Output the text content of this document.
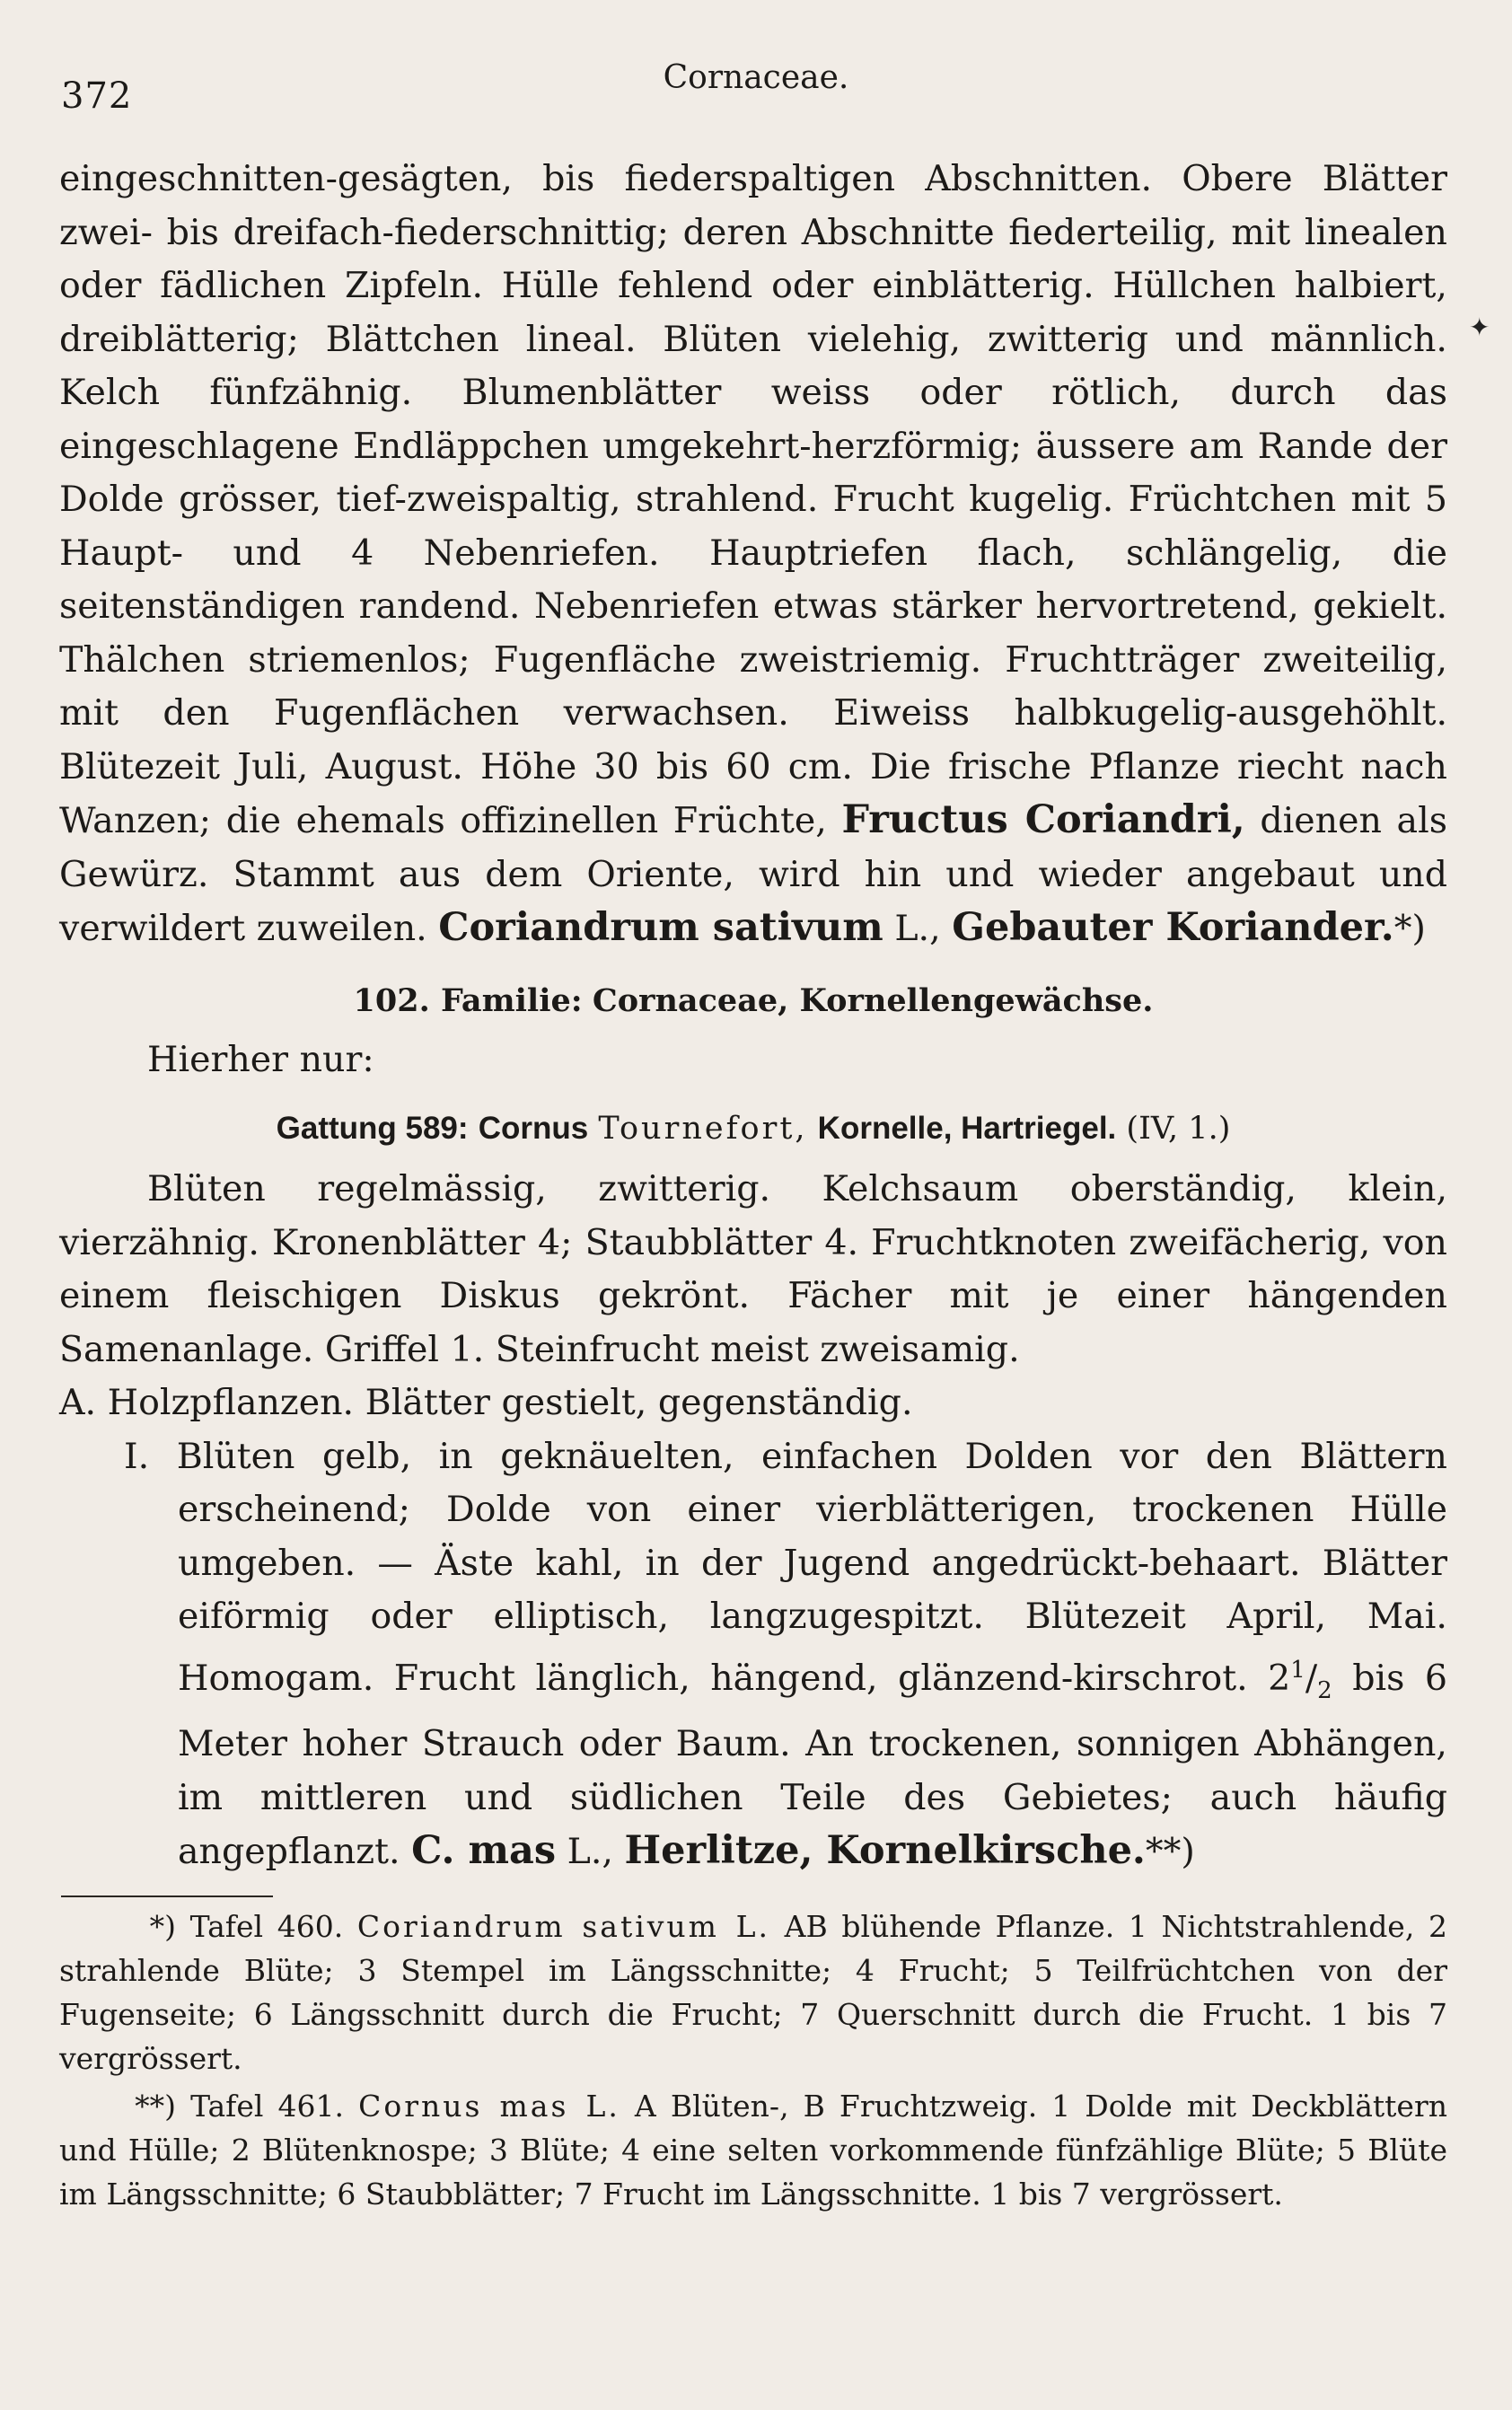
372	Cornaceae.

eingeschnitten-gesägten, bis fiederspaltigen Abschnitten. Obere Blätter zwei- bis dreifach-fiederschnittig; deren Abschnitte fiederteilig, mit linealen oder fädlichen Zipfeln. Hülle fehlend oder einblätterig. Hüllchen halbiert, dreiblätterig; Blättchen lineal. Blüten vielehig, zwitterig und männlich. Kelch fünfzähnig. Blumenblätter weiss oder rötlich, durch das eingeschlagene Endläppchen umgekehrt-herzförmig; äussere am Rande der Dolde grösser, tief-zweispaltig, strahlend. Frucht kugelig. Früchtchen mit 5 Haupt- und 4 Nebenriefen. Hauptriefen flach, schlängelig, die seitenständigen randend. Nebenriefen etwas stärker hervortretend, gekielt. Thälchen striemenlos; Fugenfläche zweistriemig. Fruchtträger zweiteilig, mit den Fugenflächen verwachsen. Eiweiss halbkugelig-ausgehöhlt. Blütezeit Juli, August. Höhe 30 bis 60 cm. Die frische Pflanze riecht nach Wanzen; die ehemals offizinellen Früchte, Fructus Coriandri, dienen als Gewürz. Stammt aus dem Oriente, wird hin und wieder angebaut und verwildert zuweilen. Coriandrum sativum L., Gebauter Koriander.*)

102. Familie: Cornaceae, Kornellengewächse.

Hierher nur:

Gattung 589: Cornus Tournefort, Kornelle, Hartriegel. (IV, 1.)

Blüten regelmässig, zwitterig. Kelchsaum oberständig, klein, vierzähnig. Kronenblätter 4; Staubblätter 4. Fruchtknoten zweifächerig, von einem fleischigen Diskus gekrönt. Fächer mit je einer hängenden Samenanlage. Griffel 1. Steinfrucht meist zweisamig.

A. Holzpflanzen. Blätter gestielt, gegenständig.

I. Blüten gelb, in geknäuelten, einfachen Dolden vor den Blättern erscheinend; Dolde von einer vierblätterigen, trockenen Hülle umgeben. — Äste kahl, in der Jugend angedrückt-behaart. Blätter eiförmig oder elliptisch, langzugespitzt. Blütezeit April, Mai. Homogam. Frucht länglich, hängend, glänzend-kirschrot. $2^1/_2$ bis 6 Meter hoher Strauch oder Baum. An trockenen, sonnigen Abhängen, im mittleren und südlichen Teile des Gebietes; auch häufig angepflanzt. C. mas L., Herlitze, Kornelkirsche.**)

*) Tafel 460. Coriandrum sativum L. AB blühende Pflanze. 1 Nichtstrahlende, 2 strahlende Blüte; 3 Stempel im Längsschnitte; 4 Frucht; 5 Teilfrüchtchen von der Fugenseite; 6 Längsschnitt durch die Frucht; 7 Querschnitt durch die Frucht. 1 bis 7 vergrössert.

**) Tafel 461. Cornus mas L. A Blüten-, B Fruchtzweig. 1 Dolde mit Deckblättern und Hülle; 2 Blütenknospe; 3 Blüte; 4 eine selten vorkommende fünfzählige Blüte; 5 Blüte im Längsschnitte; 6 Staubblätter; 7 Frucht im Längsschnitte. 1 bis 7 vergrössert.

✦
